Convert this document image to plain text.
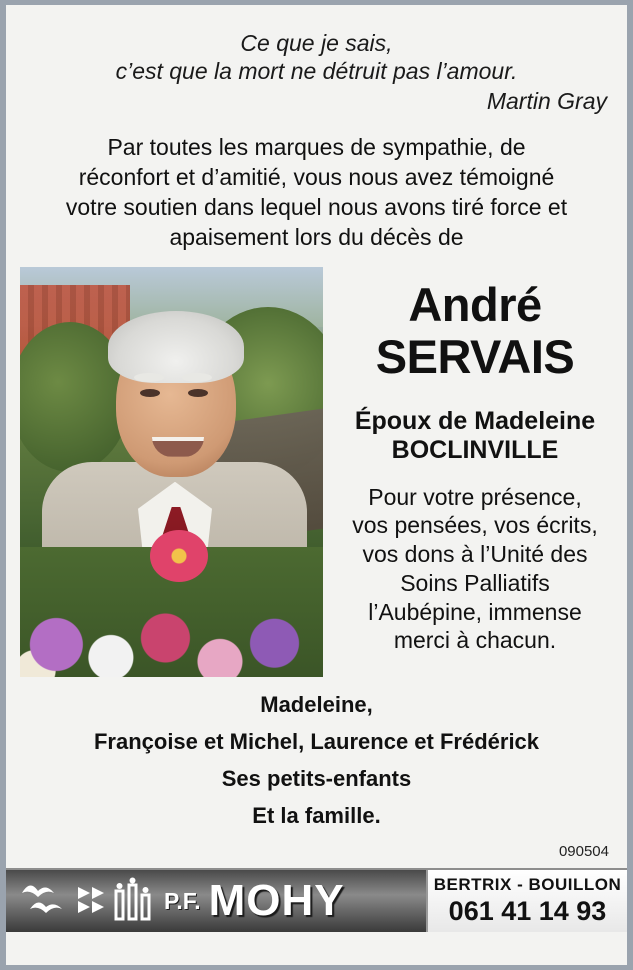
Ce que je sais,
c’est que la mort ne détruit pas l’amour.
Martin Gray
Par toutes les marques de sympathie, de
réconfort et d’amitié, vous nous avez témoigné
votre soutien dans lequel nous avons tiré force et
apaisement lors du décès de
André
SERVAIS
Époux de Madeleine
BOCLINVILLE
Pour votre présence,
vos pensées, vos écrits,
vos dons à l’Unité des
Soins Palliatifs
l’Aubépine, immense
merci à chacun.
Madeleine,
Françoise et Michel, Laurence et Frédérick
Ses petits-enfants
Et la famille.
090504
P.F. MOHY	BERTRIX - BOUILLON
061 41 14 93
